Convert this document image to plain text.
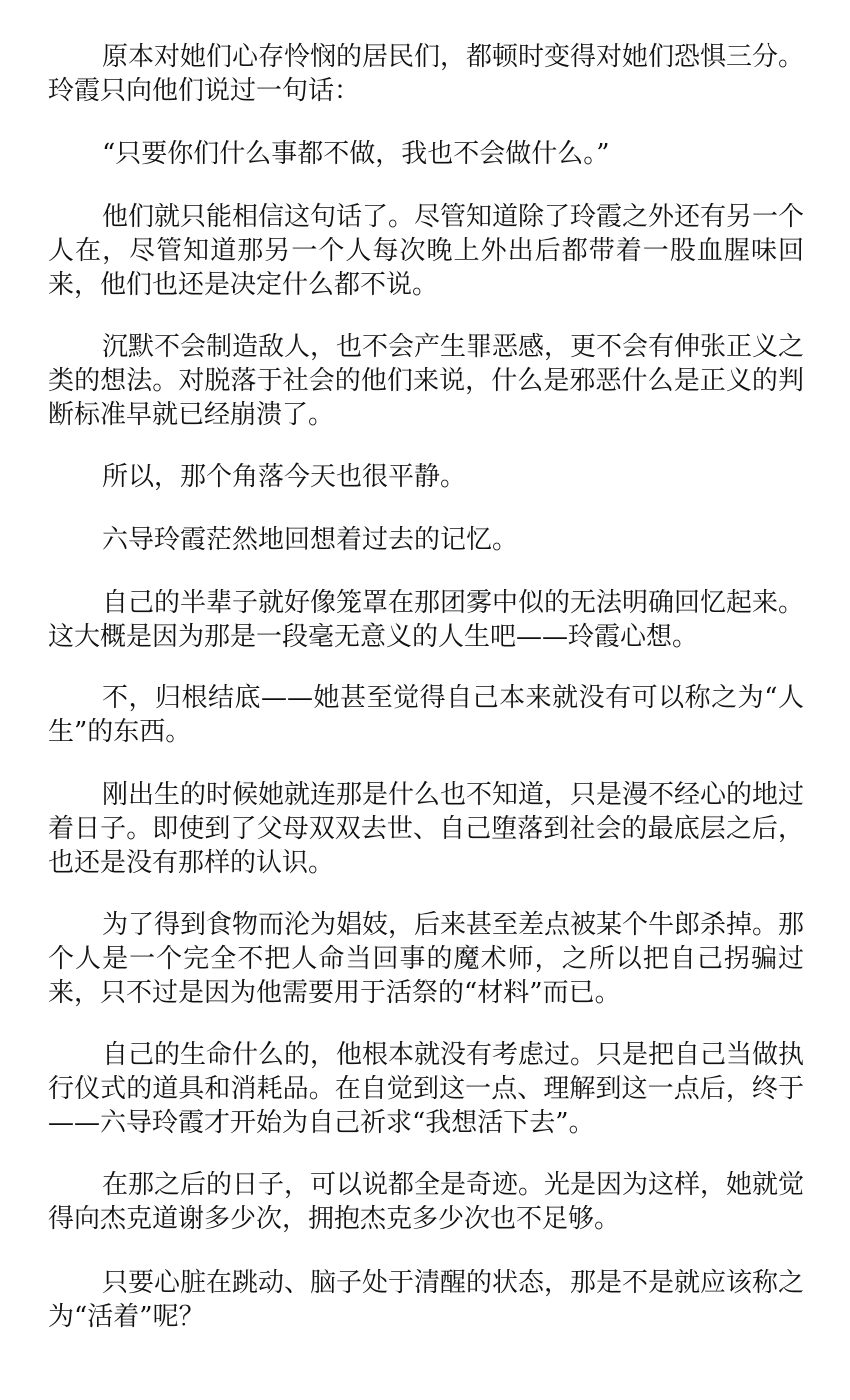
原本对她们心存怜悯的居民们，都顿时变得对她们恐惧三分。玲霞只向他们说过一句话：

“只要你们什么事都不做，我也不会做什么。”

他们就只能相信这句话了。尽管知道除了玲霞之外还有另一个人在，尽管知道那另一个人每次晚上外出后都带着一股血腥味回来，他们也还是决定什么都不说。

沉默不会制造敌人，也不会产生罪恶感，更不会有伸张正义之类的想法。对脱落于社会的他们来说，什么是邪恶什么是正义的判断标准早就已经崩溃了。

所以，那个角落今天也很平静。

六导玲霞茫然地回想着过去的记忆。

自己的半辈子就好像笼罩在那团雾中似的无法明确回忆起来。这大概是因为那是一段毫无意义的人生吧——玲霞心想。

不，归根结底——她甚至觉得自己本来就没有可以称之为“人生”的东西。

刚出生的时候她就连那是什么也不知道，只是漫不经心的地过着日子。即使到了父母双双去世、自己堕落到社会的最底层之后，也还是没有那样的认识。

为了得到食物而沦为娼妓，后来甚至差点被某个牛郎杀掉。那个人是一个完全不把人命当回事的魔术师，之所以把自己拐骗过来，只不过是因为他需要用于活祭的“材料”而已。

自己的生命什么的，他根本就没有考虑过。只是把自己当做执行仪式的道具和消耗品。在自觉到这一点、理解到这一点后，终于——六导玲霞才开始为自己祈求“我想活下去”。

在那之后的日子，可以说都全是奇迹。光是因为这样，她就觉得向杰克道谢多少次，拥抱杰克多少次也不足够。

只要心脏在跳动、脑子处于清醒的状态，那是不是就应该称之为“活着”呢？
